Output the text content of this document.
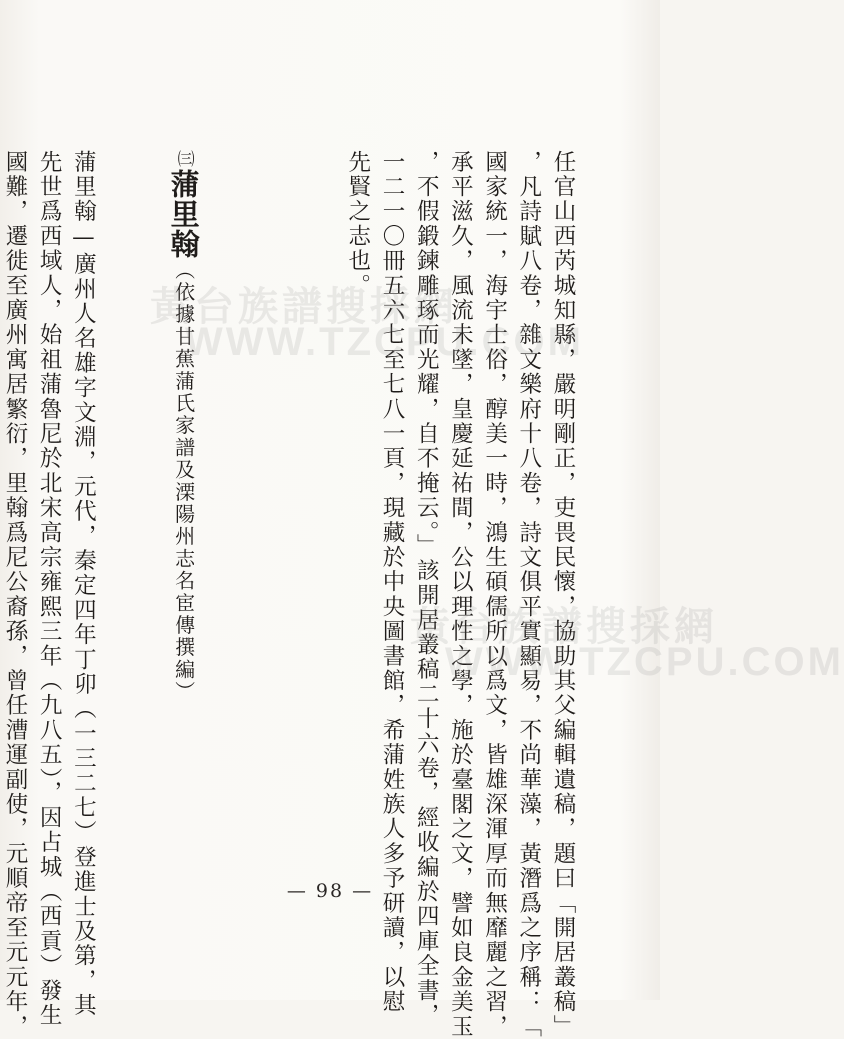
任官山西芮城知縣，嚴明剛正，吏畏民懷，協助其父編輯遺稿，題曰「開居叢稿」

，凡詩賦八卷，雜文樂府十八卷，詩文俱平實顯易，不尚華藻，黃潛爲之序稱：「

國家統一，海宇士俗，醇美一時，鴻生碩儒所以爲文，皆雄深渾厚而無靡麗之習，

承平滋久，風流未墜，皇慶延祐間，公以理性之學，施於臺閣之文，譬如良金美玉

，不假鍛鍊雕琢而光耀，自不掩云。」該開居叢稿二十六卷，經收編於四庫全書，

一二一〇冊五六七至七八一頁，現藏於中央圖書館，希蒲姓族人多予研讀，以慰

先賢之志也。

㈢蒲里翰（依據甘蕉蒲氏家譜及溧陽州志名宦傳撰編）

蒲里翰—廣州人名雄字文淵，元代，秦定四年丁卯（一三二七）登進士及第，其

先世爲西域人，始祖蒲魯尼於北宋高宗雍熙三年（九八五），因占城（西貢）發生

國難，遷徙至廣州寓居繁衍，里翰爲尼公裔孫，曾任漕運副使，元順帝至元元年，	— 98 —
黃台族譜搜採網
WWW.TZCPU.COM
黃台族譜搜採網
WWW.TZCPU.COM
